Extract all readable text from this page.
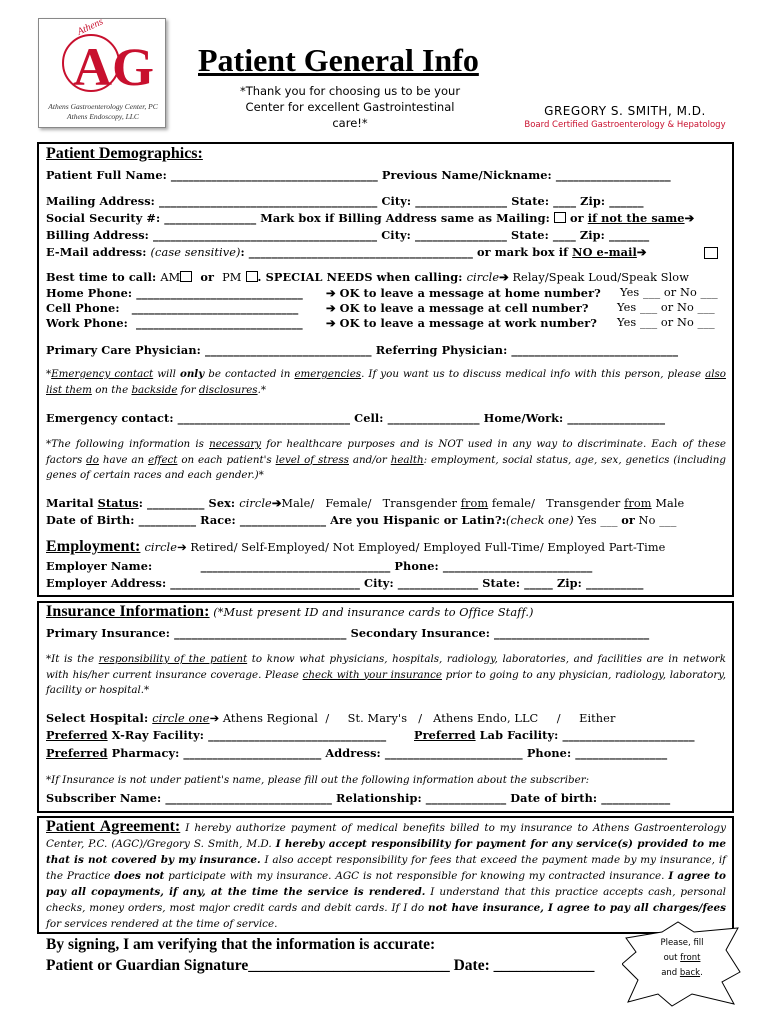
AG
Athens
Athens Gastroenterology Center, PC
Athens Endoscopy, LLC
Patient General Info
*Thank you for choosing us to be your
Center for excellent Gastrointestinal care!*
GREGORY S. SMITH, M.D.
Board Certified Gastroenterology & Hepatology
Patient Demographics:
Patient Full Name: ____________________________________ Previous Name/Nickname: ____________________
Mailing Address: ______________________________________ City: ________________ State: ____ Zip: ______
Social Security #: ________________ Mark box if Billing Address same as Mailing: or if not the same➔
Billing Address: _______________________________________ City: ________________ State: ____ Zip: _______
E-Mail address: (case sensitive): _______________________________________ or mark box if NO e-mail➔
Best time to call: AM or PM . SPECIAL NEEDS when calling: circle➔ Relay/Speak Loud/Speak Slow
Home Phone: _____________________________
Cell Phone:   _____________________________
Work Phone:  _____________________________
➔ OK to leave a message at home number?
➔ OK to leave a message at cell number?
➔ OK to leave a message at work number?
Yes ___ or No ___
Yes ___ or No ___
Yes ___ or No ___
Primary Care Physician: _____________________________ Referring Physician: _____________________________
*Emergency contact will only be contacted in emergencies. If you want us to discuss medical info with this person, please also list them on the backside for disclosures.*
Emergency contact: ______________________________ Cell: ________________ Home/Work: _________________
*The following information is necessary for healthcare purposes and is NOT used in any way to discriminate. Each of these factors do have an effect on each patient's level of stress and/or health: employment, social status, age, sex, genetics (including genes of certain races and each gender.)*
Marital Status: __________ Sex: circle➔Male/   Female/   Transgender from female/   Transgender from Male
Date of Birth: __________ Race: _______________ Are you Hispanic or Latin?:(check one) Yes ___ or No ___
Employment: circle➔ Retired/ Self-Employed/ Not Employed/ Employed Full-Time/ Employed Part-Time
Employer Name:            _________________________________ Phone: __________________________
Employer Address: _________________________________ City: ______________ State: _____ Zip: __________
Insurance Information: (*Must present ID and insurance cards to Office Staff.)
Primary Insurance: ______________________________ Secondary Insurance: ___________________________
*It is the responsibility of the patient to know what physicians, hospitals, radiology, laboratories, and facilities are in network with his/her current insurance coverage. Please check with your insurance prior to going to any physician, radiology, laboratory, facility or hospital.*
Select Hospital: circle one➔ Athens Regional  /     St. Mary's   /   Athens Endo, LLC     /     Either
Preferred X-Ray Facility: _______________________________ Preferred Lab Facility: _______________________
Preferred Pharmacy: ________________________ Address: ________________________ Phone: ________________
*If Insurance is not under patient's name, please fill out the following information about the subscriber:
Subscriber Name: _____________________________ Relationship: ______________ Date of birth: ____________
Patient Agreement: I hereby authorize payment of medical benefits billed to my insurance to Athens Gastroenterology Center, P.C. (AGC)/Gregory S. Smith, M.D. I hereby accept responsibility for payment for any service(s) provided to me that is not covered by my insurance. I also accept responsibility for fees that exceed the payment made by my insurance, if the Practice does not participate with my insurance. AGC is not responsible for knowing my contracted insurance. I agree to pay all copayments, if any, at the time the service is rendered. I understand that this practice accepts cash, personal checks, money orders, most major credit cards and debit cards. If I do not have insurance, I agree to pay all charges/fees for services rendered at the time of service.
By signing, I am verifying that the information is accurate:
Patient or Guardian Signature__________________________ Date: _____________
Please, fill
out front
and back.
